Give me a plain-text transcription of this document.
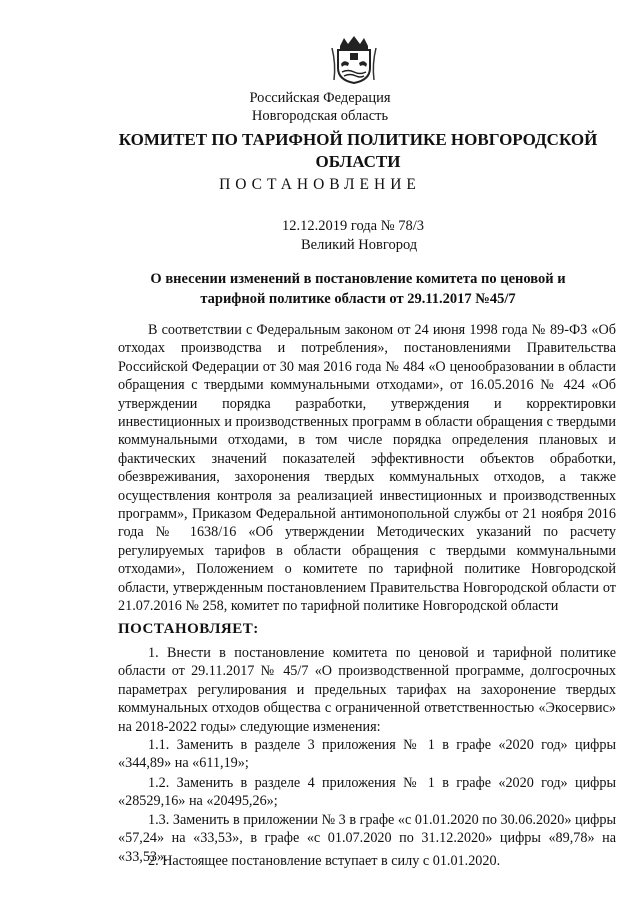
Российская Федерация
Новгородская область
КОМИТЕТ ПО ТАРИФНОЙ ПОЛИТИКЕ НОВГОРОДСКОЙ ОБЛАСТИ
ПОСТАНОВЛЕНИЕ
12.12.2019 года № 78/3
Великий Новгород
О внесении изменений в постановление комитета по ценовой и тарифной политике области от 29.11.2017 №45/7
В соответствии с Федеральным законом от 24 июня 1998 года № 89-ФЗ «Об отходах производства и потребления», постановлениями Правительства Российской Федерации от 30 мая 2016 года № 484 «О ценообразовании в области обращения с твердыми коммунальными отходами», от 16.05.2016 № 424 «Об утверждении порядка разработки, утверждения и корректировки инвестиционных и производственных программ в области обращения с твердыми коммунальными отходами, в том числе порядка определения плановых и фактических значений показателей эффективности объектов обработки, обезвреживания, захоронения твердых коммунальных отходов, а также осуществления контроля за реализацией инвестиционных и производственных программ», Приказом Федеральной антимонопольной службы от 21 ноября 2016 года № 1638/16 «Об утверждении Методических указаний по расчету регулируемых тарифов в области обращения с твердыми коммунальными отходами», Положением о комитете по тарифной политике Новгородской области, утвержденным постановлением Правительства Новгородской области от 21.07.2016 № 258, комитет по тарифной политике Новгородской области
ПОСТАНОВЛЯЕТ:
1. Внести в постановление комитета по ценовой и тарифной политике области от 29.11.2017 № 45/7 «О производственной программе, долгосрочных параметрах регулирования и предельных тарифах на захоронение твердых коммунальных отходов общества с ограниченной ответственностью «Экосервис» на 2018-2022 годы» следующие изменения:
1.1. Заменить в разделе 3 приложения № 1 в графе «2020 год» цифры «344,89» на «611,19»;
1.2. Заменить в разделе 4 приложения № 1 в графе «2020 год» цифры «28529,16» на «20495,26»;
1.3. Заменить в приложении № 3 в графе «с 01.01.2020 по 30.06.2020» цифры «57,24» на «33,53», в графе «с 01.07.2020 по 31.12.2020» цифры «89,78» на «33,53».
2. Настоящее постановление вступает в силу с 01.01.2020.
